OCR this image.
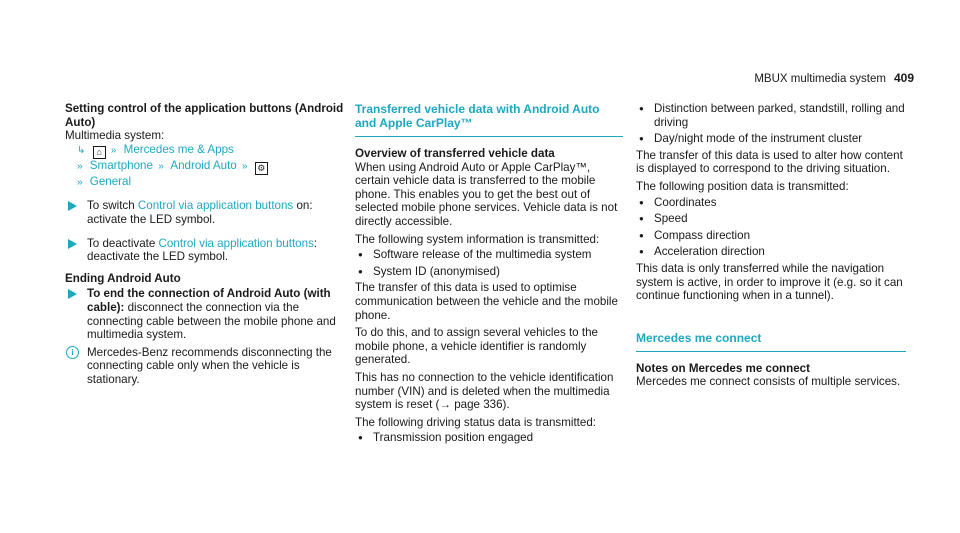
MBUX multimedia system 409

Setting control of the application buttons (Android Auto)

Multimedia system:

↳ ⌂ » Mercedes me & Apps
» Smartphone » Android Auto » ⚙
» General
To switch Control via application buttons on: activate the LED symbol.
To deactivate Control via application buttons: deactivate the LED symbol.

Ending Android Auto

To end the connection of Android Auto (with cable): disconnect the connection via the connecting cable between the mobile phone and multimedia system.
i	Mercedes-Benz recommends disconnecting the connecting cable only when the vehicle is stationary.
Transferred vehicle data with Android Auto and Apple CarPlay™

Overview of transferred vehicle data

When using Android Auto or Apple CarPlay™, certain vehicle data is transferred to the mobile phone. This enables you to get the best out of selected mobile phone services. Vehicle data is not directly accessible.

The following system information is transmitted:

● Software release of the multimedia system
● System ID (anonymised)

The transfer of this data is used to optimise communication between the vehicle and the mobile phone.

To do this, and to assign several vehicles to the mobile phone, a vehicle identifier is randomly generated.

This has no connection to the vehicle identification number (VIN) and is deleted when the multimedia system is reset (→ page 336).

The following driving status data is transmitted:

● Transmission position engaged
● Distinction between parked, standstill, rolling and driving
● Day/night mode of the instrument cluster

The transfer of this data is used to alter how content is displayed to correspond to the driving situation.

The following position data is transmitted:

● Coordinates
● Speed
● Compass direction
● Acceleration direction

This data is only transferred while the navigation system is active, in order to improve it (e.g. so it can continue functioning when in a tunnel).

Mercedes me connect

Notes on Mercedes me connect

Mercedes me connect consists of multiple services.
